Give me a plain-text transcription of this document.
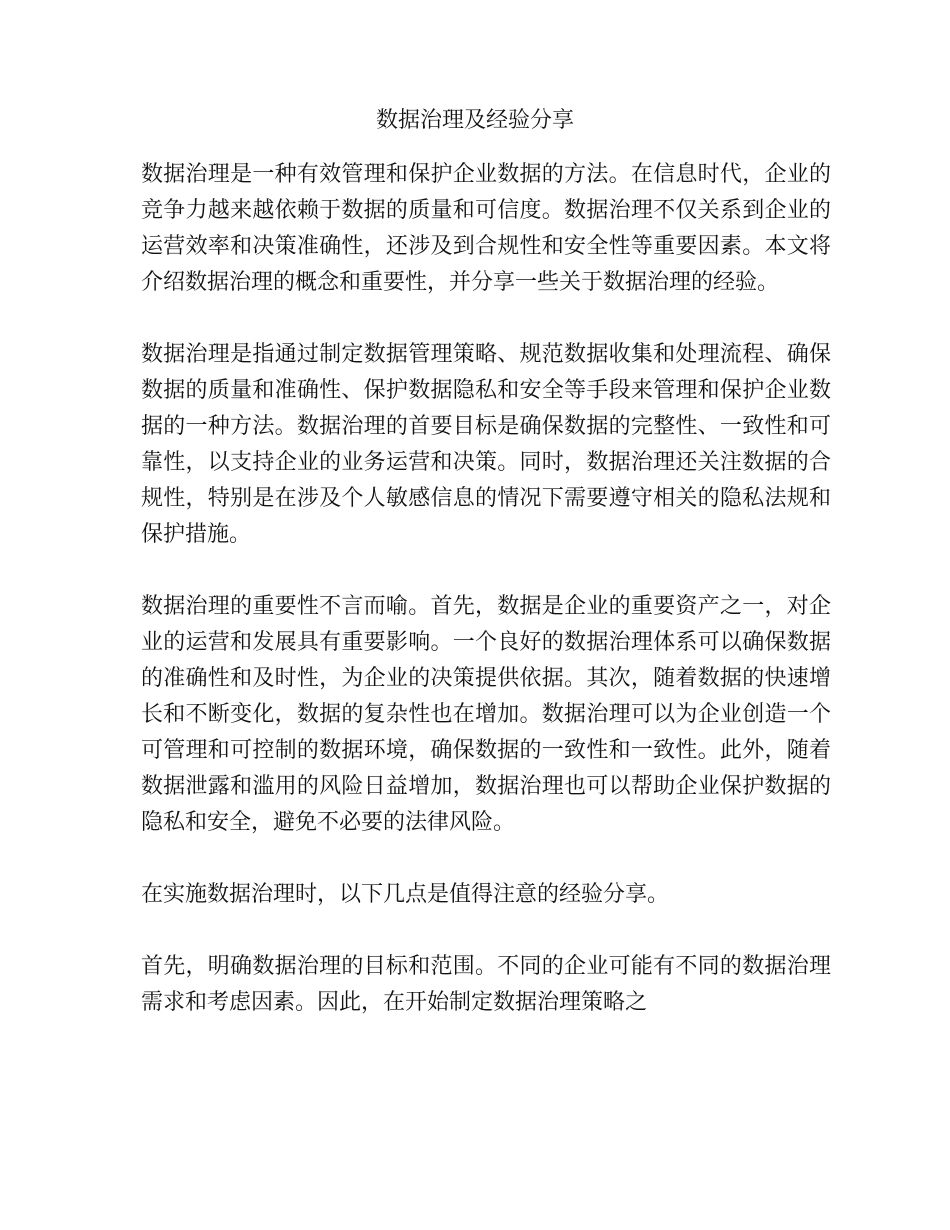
数据治理及经验分享

数据治理是一种有效管理和保护企业数据的方法。在信息时代，企业的竞争力越来越依赖于数据的质量和可信度。数据治理不仅关系到企业的运营效率和决策准确性，还涉及到合规性和安全性等重要因素。本文将介绍数据治理的概念和重要性，并分享一些关于数据治理的经验。

数据治理是指通过制定数据管理策略、规范数据收集和处理流程、确保数据的质量和准确性、保护数据隐私和安全等手段来管理和保护企业数据的一种方法。数据治理的首要目标是确保数据的完整性、一致性和可靠性，以支持企业的业务运营和决策。同时，数据治理还关注数据的合规性，特别是在涉及个人敏感信息的情况下需要遵守相关的隐私法规和保护措施。

数据治理的重要性不言而喻。首先，数据是企业的重要资产之一，对企业的运营和发展具有重要影响。一个良好的数据治理体系可以确保数据的准确性和及时性，为企业的决策提供依据。其次，随着数据的快速增长和不断变化，数据的复杂性也在增加。数据治理可以为企业创造一个可管理和可控制的数据环境，确保数据的一致性和一致性。此外，随着数据泄露和滥用的风险日益增加，数据治理也可以帮助企业保护数据的隐私和安全，避免不必要的法律风险。

在实施数据治理时，以下几点是值得注意的经验分享。

首先，明确数据治理的目标和范围。不同的企业可能有不同的数据治理需求和考虑因素。因此，在开始制定数据治理策略之
